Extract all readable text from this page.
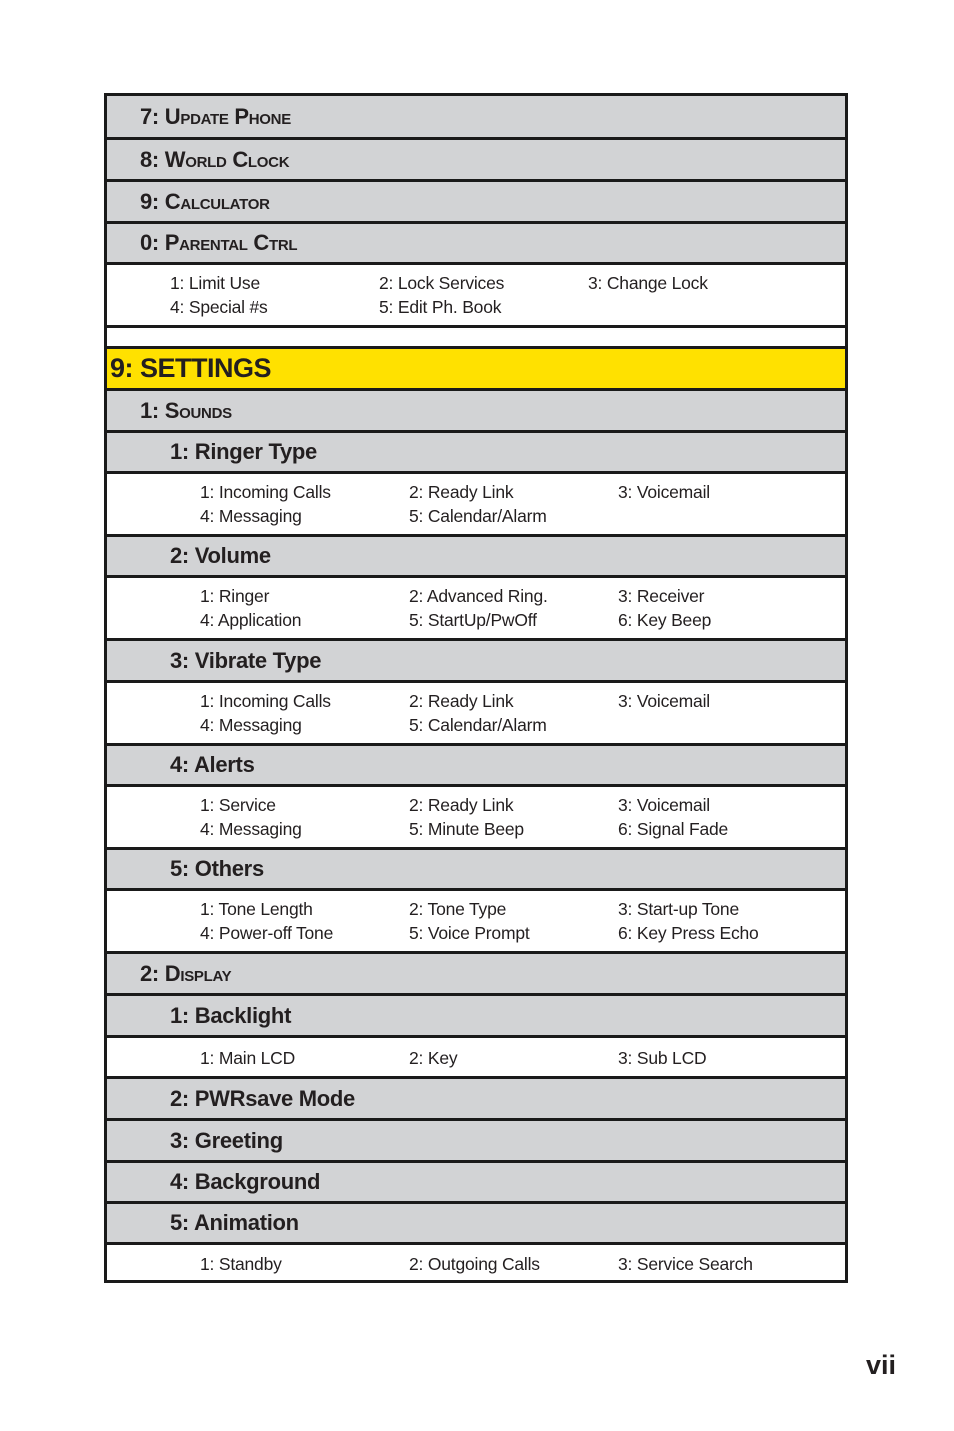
7: Update Phone
8: World Clock
9: Calculator
0: Parental Ctrl
1: Limit Use	2: Lock Services	3: Change Lock
4: Special #s	5: Edit Ph. Book
9: SETTINGS
1: Sounds
1: Ringer Type
1: Incoming Calls	2: Ready Link	3: Voicemail
4: Messaging	5: Calendar/Alarm
2: Volume
1: Ringer	2: Advanced Ring.	3: Receiver
4: Application	5: StartUp/PwOff	6: Key Beep
3: Vibrate Type
1: Incoming Calls	2: Ready Link	3: Voicemail
4: Messaging	5: Calendar/Alarm
4: Alerts
1: Service	2: Ready Link	3: Voicemail
4: Messaging	5: Minute Beep	6: Signal Fade
5: Others
1: Tone Length	2: Tone Type	3: Start-up Tone
4: Power-off Tone	5: Voice Prompt	6: Key Press Echo
2: Display
1: Backlight
1: Main LCD	2: Key	3: Sub LCD
2: PWRsave Mode
3: Greeting
4: Background
5: Animation
1: Standby	2: Outgoing Calls	3: Service Search
vii
